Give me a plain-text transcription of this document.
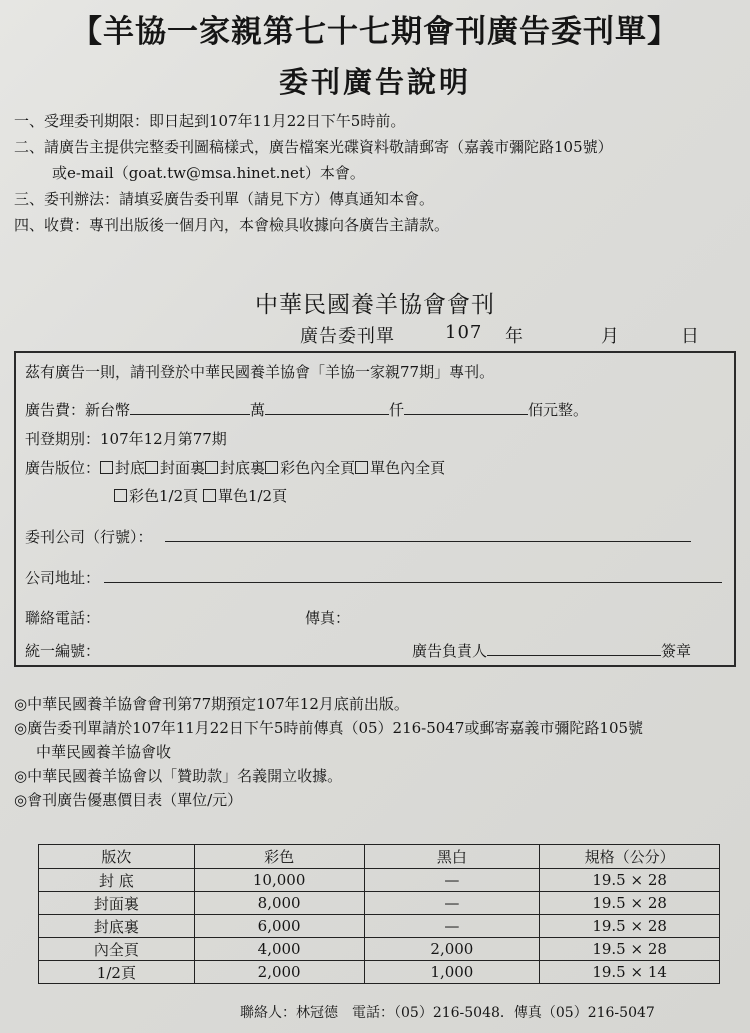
【羊協一家親第七十七期會刊廣告委刊單】
委刊廣告說明
一、受理委刊期限：即日起到107年11月22日下午5時前。
二、請廣告主提供完整委刊圖稿樣式，廣告檔案光碟資料敬請郵寄（嘉義市彌陀路105號）
或e-mail（goat.tw@msa.hinet.net）本會。
三、委刊辦法：請填妥廣告委刊單（請見下方）傳真通知本會。
四、收費：專刊出版後一個月內，本會檢具收據向各廣告主請款。
中華民國養羊協會會刊
廣告委刊單	107	年	月	日
茲有廣告一則，請刊登於中華民國養羊協會「羊協一家親77期」專刊。
廣告費：新台幣	萬	仟	佰元整。
刊登期別：107年12月第77期
廣告版位： 封底 封面裏 封底裏 彩色內全頁 單色內全頁
彩色1/2頁 單色1/2頁
委刊公司（行號）：
公司地址：
聯絡電話：	傳真：
統一編號：	廣告負責人	簽章
◎中華民國養羊協會會刊第77期預定107年12月底前出版。
◎廣告委刊單請於107年11月22日下午5時前傳真（05）216-5047或郵寄嘉義市彌陀路105號
中華民國養羊協會收
◎中華民國養羊協會以「贊助款」名義開立收據。
◎會刊廣告優惠價目表（單位/元）
版次	彩色	黑白	規格（公分）
封 底	10,000	—	19.5 × 28
封面裏	8,000	—	19.5 × 28
封底裏	6,000	—	19.5 × 28
內全頁	4,000	2,000	19.5 × 28
1/2頁	2,000	1,000	19.5 × 14
聯絡人：林冠德　電話：（05）216-5048．傳真（05）216-5047
